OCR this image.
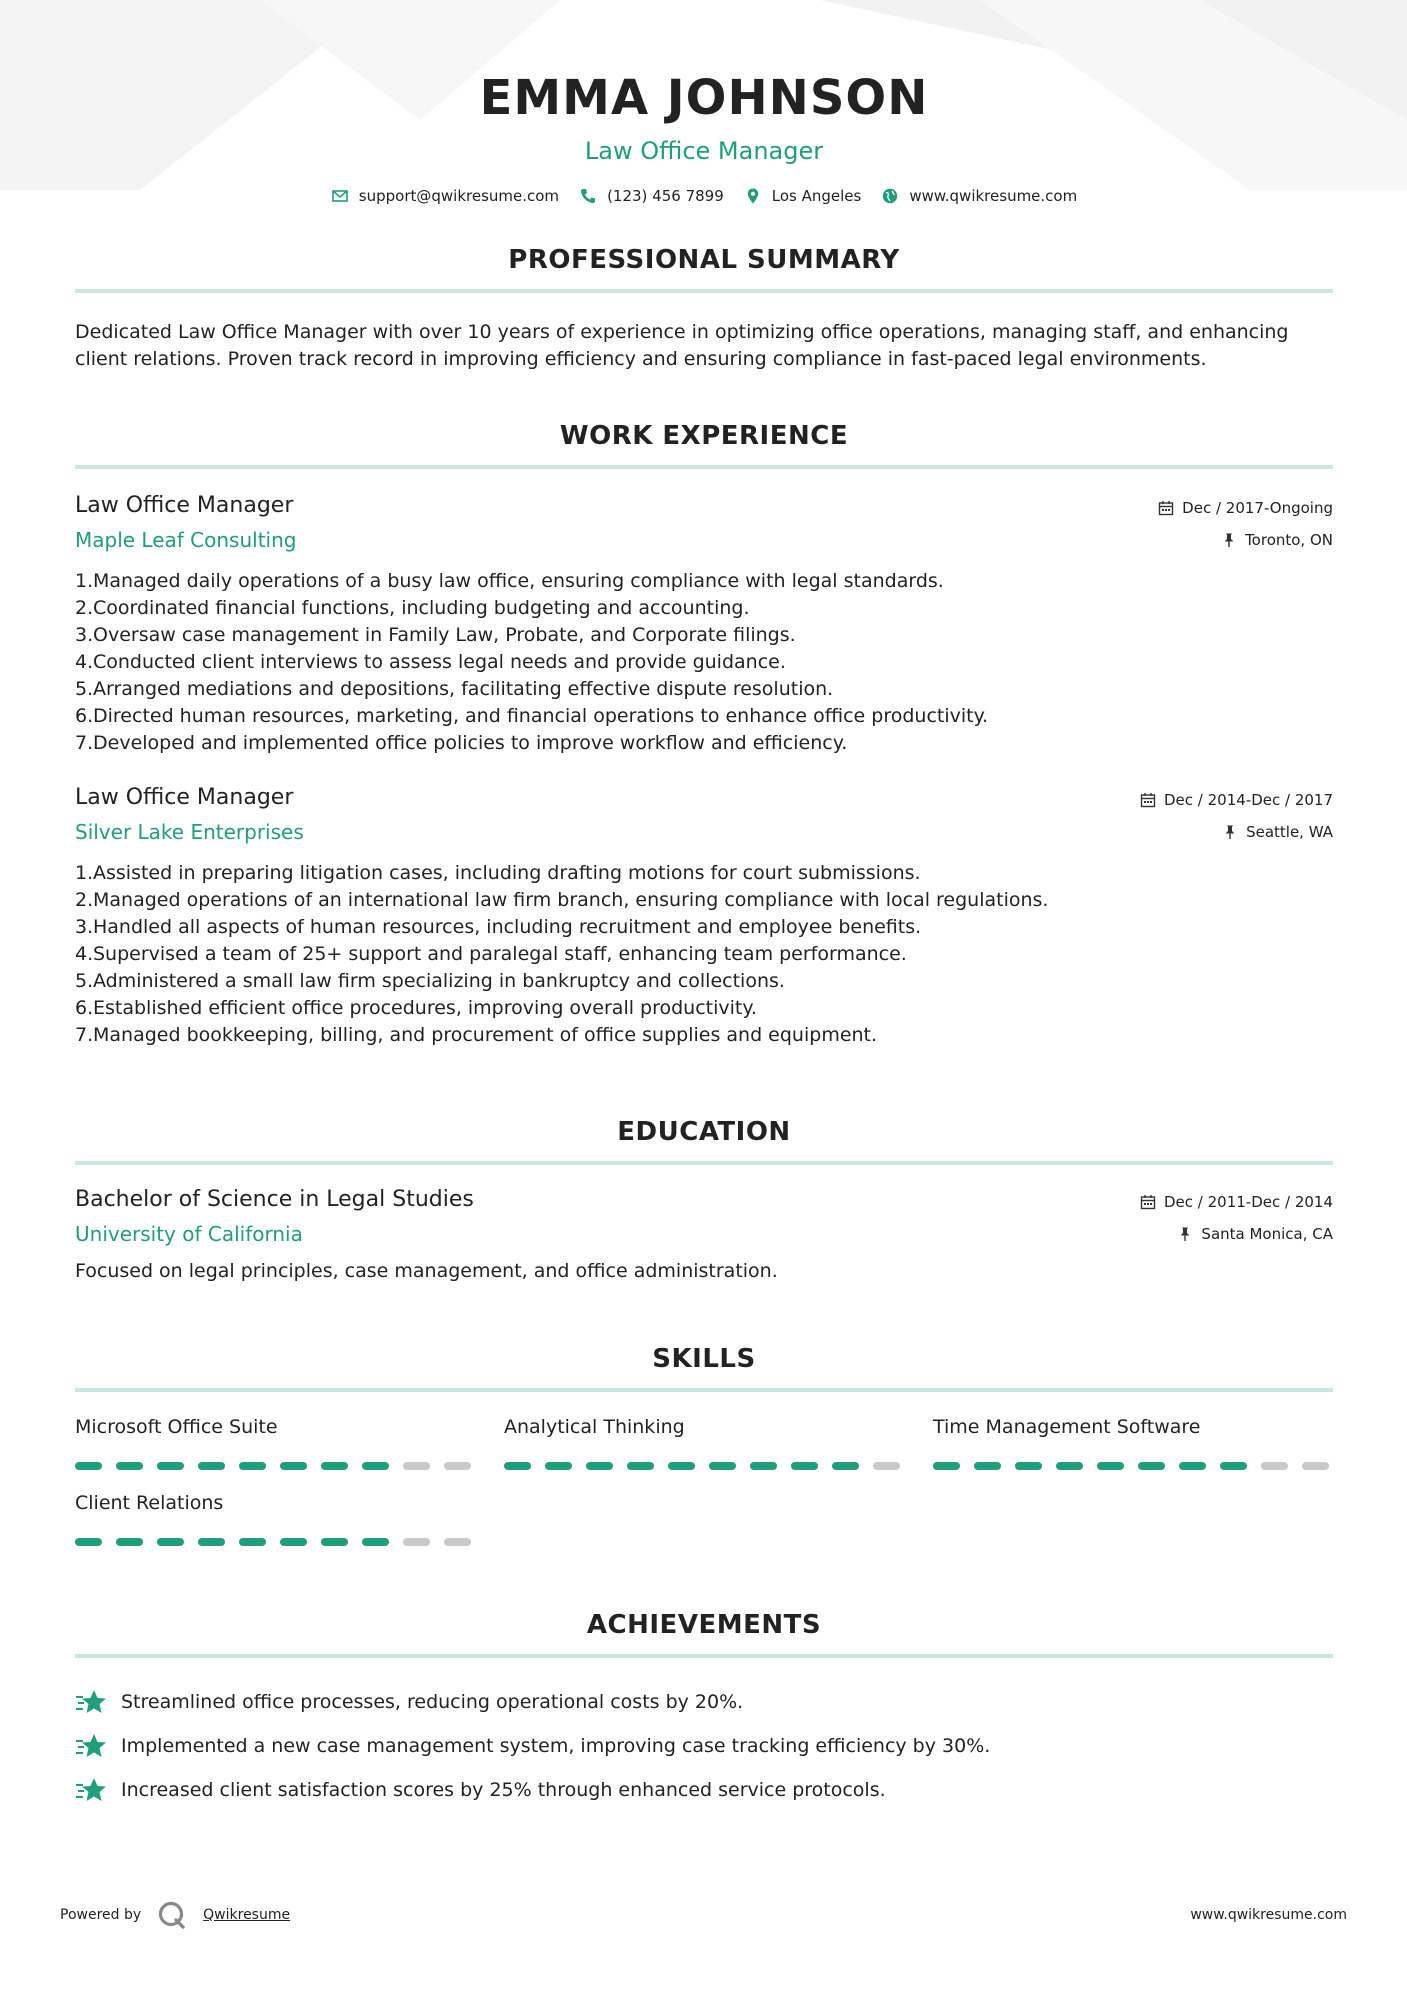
EMMA JOHNSON
Law Office Manager
support@qwikresume.com	(123) 456 7899	Los Angeles	www.qwikresume.com
PROFESSIONAL SUMMARY
Dedicated Law Office Manager with over 10 years of experience in optimizing office operations, managing staff, and enhancing client relations. Proven track record in improving efficiency and ensuring compliance in fast-paced legal environments.
WORK EXPERIENCE
Law Office Manager
Maple Leaf Consulting
Dec / 2017-Ongoing
Toronto, ON
1. Managed daily operations of a busy law office, ensuring compliance with legal standards.
2. Coordinated financial functions, including budgeting and accounting.
3. Oversaw case management in Family Law, Probate, and Corporate filings.
4. Conducted client interviews to assess legal needs and provide guidance.
5. Arranged mediations and depositions, facilitating effective dispute resolution.
6. Directed human resources, marketing, and financial operations to enhance office productivity.
7. Developed and implemented office policies to improve workflow and efficiency.
Law Office Manager
Silver Lake Enterprises
Dec / 2014-Dec / 2017
Seattle, WA
1. Assisted in preparing litigation cases, including drafting motions for court submissions.
2. Managed operations of an international law firm branch, ensuring compliance with local regulations.
3. Handled all aspects of human resources, including recruitment and employee benefits.
4. Supervised a team of 25+ support and paralegal staff, enhancing team performance.
5. Administered a small law firm specializing in bankruptcy and collections.
6. Established efficient office procedures, improving overall productivity.
7. Managed bookkeeping, billing, and procurement of office supplies and equipment.
EDUCATION
Bachelor of Science in Legal Studies
University of California
Dec / 2011-Dec / 2014
Santa Monica, CA
Focused on legal principles, case management, and office administration.
SKILLS
Microsoft Office Suite	Analytical Thinking	Time Management Software
Client Relations
ACHIEVEMENTS
Streamlined office processes, reducing operational costs by 20%.
Implemented a new case management system, improving case tracking efficiency by 30%.
Increased client satisfaction scores by 25% through enhanced service protocols.
Powered by	Qwikresume	www.qwikresume.com
